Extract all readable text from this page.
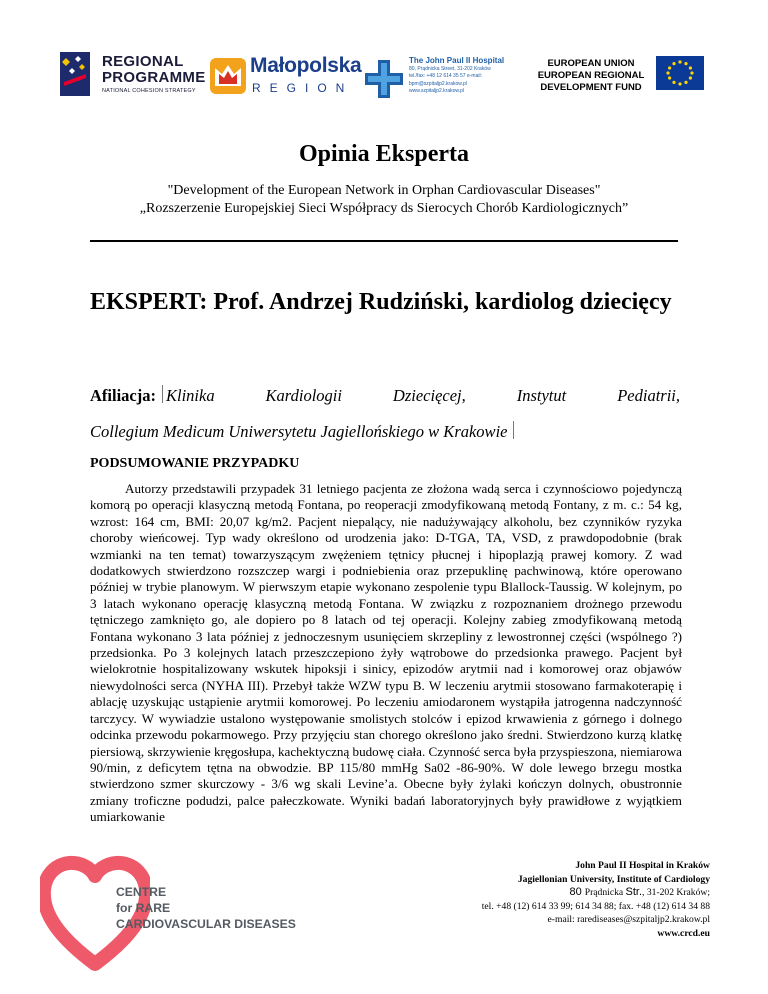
REGIONAL
PROGRAMME
NATIONAL COHESION STRATEGY
Małopolska
REGION
The John Paul II Hospital
80, Prądnicka Street, 31-202 Kraków
tel./fax: +48 12 614 35 57 e-mail:
bpm@szpitaljp2.krakow.pl
www.szpitaljp2.krakow.pl
EUROPEAN UNION
EUROPEAN REGIONAL
DEVELOPMENT FUND
Opinia Eksperta
"Development of the European Network in Orphan Cardiovascular Diseases"
„Rozszerzenie Europejskiej Sieci Współpracy ds Sierocych Chorób Kardiologicznych”
EKSPERT: Prof. Andrzej Rudziński, kardiolog dziecięcy
Afiliacja: Klinika	Kardiologii	Dziecięcej,	Instytut	Pediatrii,
Collegium Medicum Uniwersytetu Jagiellońskiego w Krakowie
PODSUMOWANIE PRZYPADKU

Autorzy przedstawili przypadek 31 letniego pacjenta ze złożona wadą serca i czynnościowo pojedynczą komorą po operacji klasyczną metodą Fontana, po reoperacji zmodyfikowaną metodą Fontany, z m. c.: 54 kg, wzrost: 164 cm, BMI: 20,07 kg/m2. Pacjent niepalący, nie nadużywający alkoholu, bez czynników ryzyka choroby wieńcowej. Typ wady określono od urodzenia jako: D-TGA, TA, VSD, z prawdopodobnie (brak wzmianki na ten temat) towarzyszącym zwężeniem tętnicy płucnej i hipoplazją prawej komory. Z wad dodatkowych stwierdzono rozszczep wargi i podniebienia oraz przepuklinę pachwinową, które operowano później w trybie planowym. W pierwszym etapie wykonano zespolenie typu Blallock-Taussig. W kolejnym, po 3 latach wykonano operację klasyczną metodą Fontana. W związku z rozpoznaniem drożnego przewodu tętniczego zamknięto go, ale dopiero po 8 latach od tej operacji. Kolejny zabieg zmodyfikowaną metodą Fontana wykonano 3 lata później z jednoczesnym usunięciem skrzepliny z lewostronnej części (wspólnego ?) przedsionka. Po 3 kolejnych latach przeszczepiono żyły wątrobowe do przedsionka prawego. Pacjent był wielokrotnie hospitalizowany wskutek hipoksji i sinicy, epizodów arytmii nad i komorowej oraz objawów niewydolności serca (NYHA III). Przebył także WZW typu B. W leczeniu arytmii stosowano farmakoterapię i ablację uzyskując ustąpienie arytmii komorowej. Po leczeniu amiodaronem wystąpiła jatrogenna nadczynność tarczycy. W wywiadzie ustalono występowanie smolistych stolców i epizod krwawienia z górnego i dolnego odcinka przewodu pokarmowego. Przy przyjęciu stan chorego określono jako średni. Stwierdzono kurzą klatkę piersiową, skrzywienie kręgosłupa, kachektyczną budowę ciała. Czynność serca była przyspieszona, niemiarowa 90/min, z deficytem tętna na obwodzie. BP 115/80 mmHg Sa02 -86-90%. W dole lewego brzegu mostka stwierdzono szmer skurczowy - 3/6 wg skali Levine’a. Obecne były żylaki kończyn dolnych, obustronnie zmiany troficzne podudzi, palce pałeczkowate. Wyniki badań laboratoryjnych były prawidłowe z wyjątkiem umiarkowanie

CENTRE
for RARE
CARDIOVASCULAR DISEASES
John Paul II Hospital in Kraków
Jagiellonian University, Institute of Cardiology
80 Prądnicka Str., 31-202 Kraków;
tel. +48 (12) 614 33 99; 614 34 88; fax. +48 (12) 614 34 88
e-mail: rarediseases@szpitaljp2.krakow.pl
www.crcd.eu
